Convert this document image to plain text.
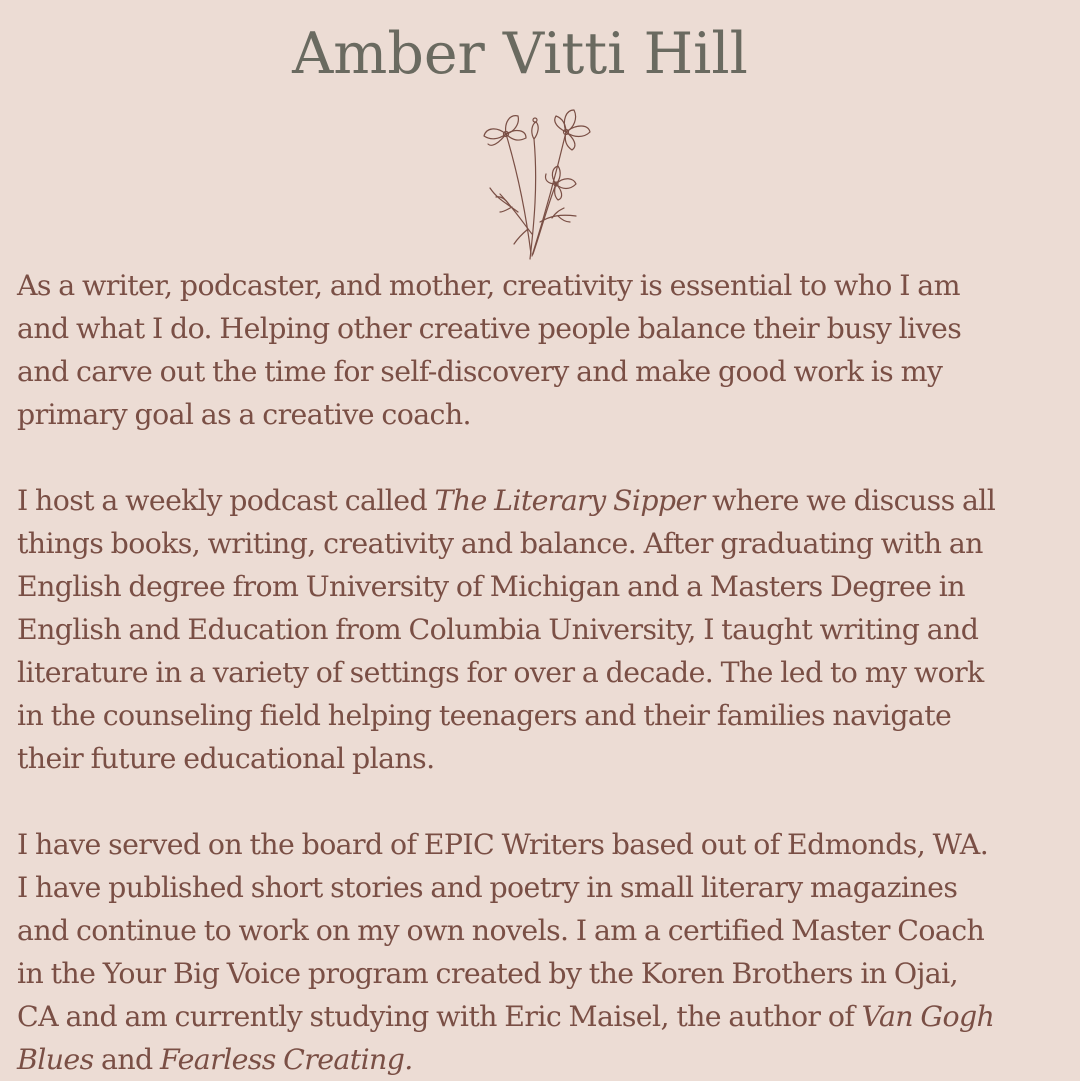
Amber Vitti Hill

As a writer, podcaster, and mother, creativity is essential to who I am
and what I do. Helping other creative people balance their busy lives
and carve out the time for self-discovery and make good work is my
primary goal as a creative coach.

I host a weekly podcast called The Literary Sipper where we discuss all
things books, writing, creativity and balance. After graduating with an
English degree from University of Michigan and a Masters Degree in
English and Education from Columbia University, I taught writing and
literature in a variety of settings for over a decade. The led to my work
in the counseling field helping teenagers and their families navigate
their future educational plans.

I have served on the board of EPIC Writers based out of Edmonds, WA.
I have published short stories and poetry in small literary magazines
and continue to work on my own novels. I am a certified Master Coach
in the Your Big Voice program created by the Koren Brothers in Ojai,
CA and am currently studying with Eric Maisel, the author of Van Gogh
Blues and Fearless Creating.
